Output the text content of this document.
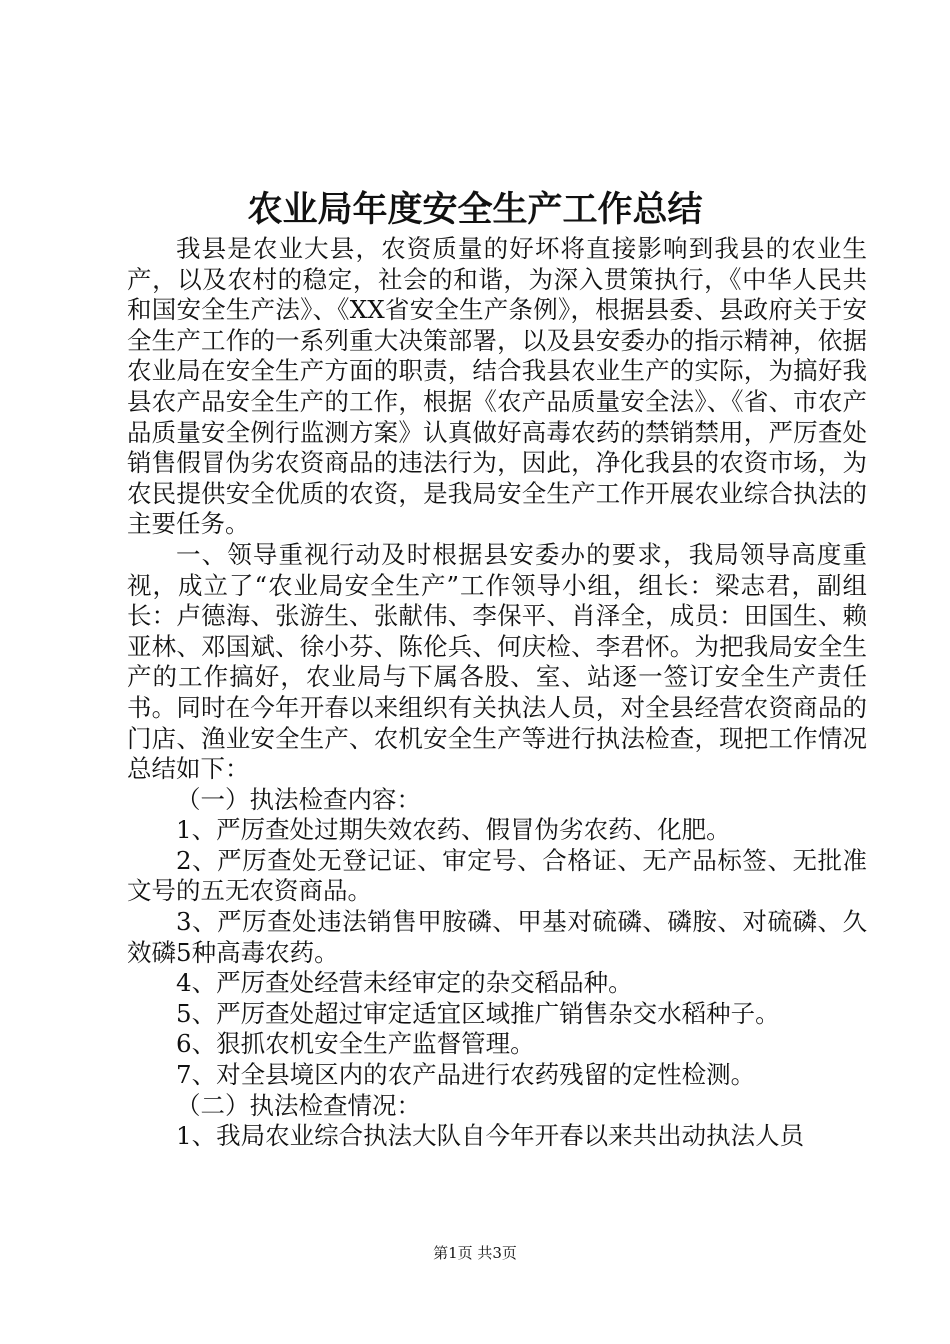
农业局年度安全生产工作总结

我县是农业大县，农资质量的好坏将直接影响到我县的农业生产，以及农村的稳定，社会的和谐，为深入贯策执行，《中华人民共和国安全生产法》、《XX省安全生产条例》，根据县委、县政府关于安全生产工作的一系列重大决策部署，以及县安委办的指示精神，依据农业局在安全生产方面的职责，结合我县农业生产的实际，为搞好我县农产品安全生产的工作，根据《农产品质量安全法》、《省、市农产品质量安全例行监测方案》认真做好高毒农药的禁销禁用，严厉查处销售假冒伪劣农资商品的违法行为，因此，净化我县的农资市场，为农民提供安全优质的农资，是我局安全生产工作开展农业综合执法的主要任务。

一、领导重视行动及时根据县安委办的要求，我局领导高度重视，成立了“农业局安全生产”工作领导小组，组长：梁志君，副组长：卢德海、张游生、张献伟、李保平、肖泽全，成员：田国生、赖亚林、邓国斌、徐小芬、陈伦兵、何庆检、李君怀。为把我局安全生产的工作搞好，农业局与下属各股、室、站逐一签订安全生产责任书。同时在今年开春以来组织有关执法人员，对全县经营农资商品的门店、渔业安全生产、农机安全生产等进行执法检查，现把工作情况总结如下：

（一）执法检查内容：

1、严厉查处过期失效农药、假冒伪劣农药、化肥。

2、严厉查处无登记证、审定号、合格证、无产品标签、无批准文号的五无农资商品。

3、严厉查处违法销售甲胺磷、甲基对硫磷、磷胺、对硫磷、久效磷5种高毒农药。

4、严厉查处经营未经审定的杂交稻品种。

5、严厉查处超过审定适宜区域推广销售杂交水稻种子。

6、狠抓农机安全生产监督管理。

7、对全县境区内的农产品进行农药残留的定性检测。

（二）执法检查情况：

1、我局农业综合执法大队自今年开春以来共出动执法人员

第1页 共3页
